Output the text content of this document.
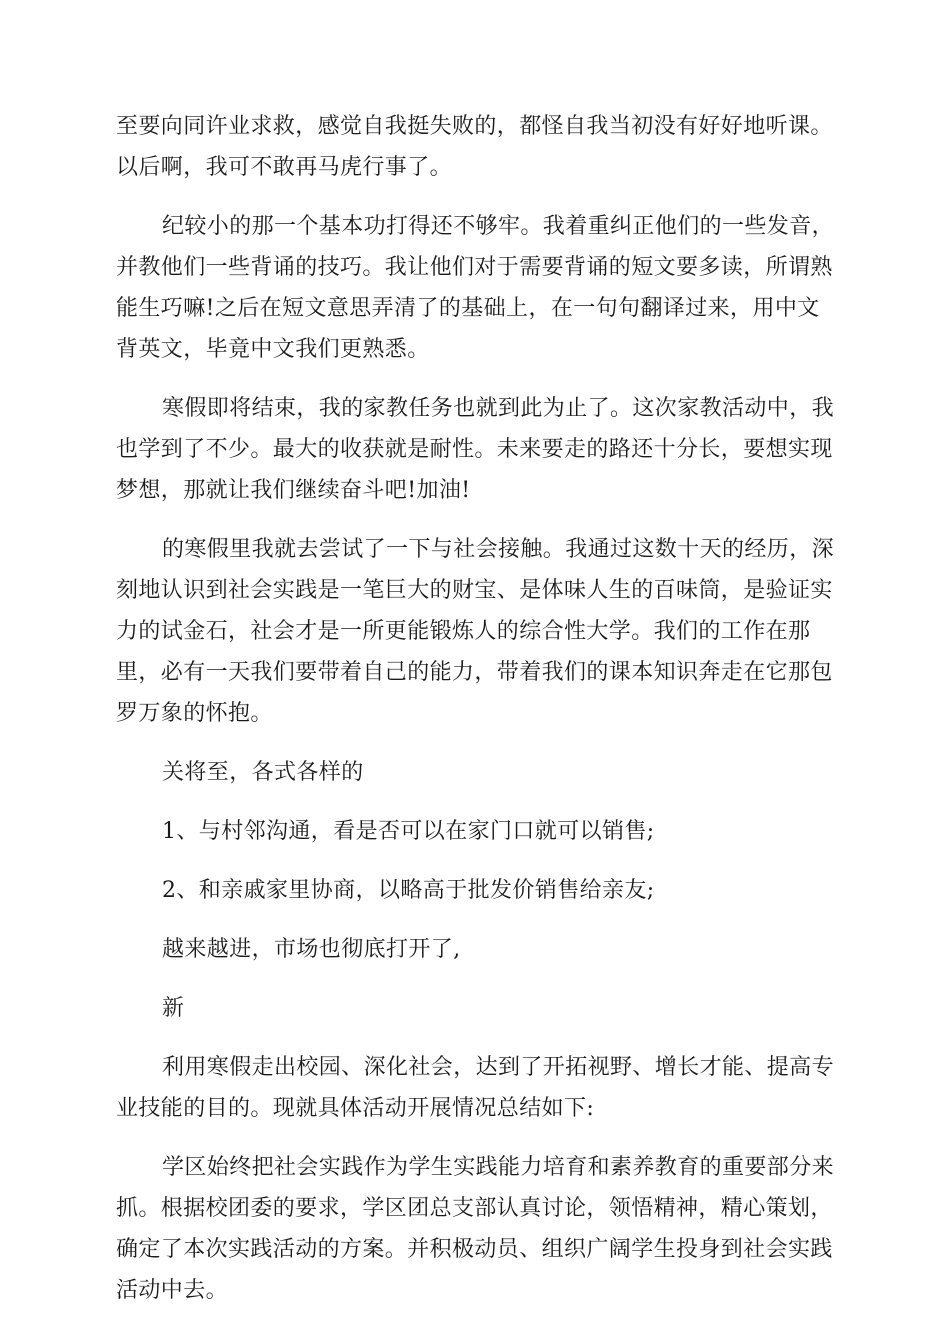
至要向同许业求救，感觉自我挺失败的，都怪自我当初没有好好地听课。以后啊，我可不敢再马虎行事了。

纪较小的那一个基本功打得还不够牢。我着重纠正他们的一些发音，并教他们一些背诵的技巧。我让他们对于需要背诵的短文要多读，所谓熟能生巧嘛!之后在短文意思弄清了的基础上，在一句句翻译过来，用中文背英文，毕竟中文我们更熟悉。

寒假即将结束，我的家教任务也就到此为止了。这次家教活动中，我也学到了不少。最大的收获就是耐性。未来要走的路还十分长，要想实现梦想，那就让我们继续奋斗吧!加油!

的寒假里我就去尝试了一下与社会接触。我通过这数十天的经历，深刻地认识到社会实践是一笔巨大的财宝、是体味人生的百味筒，是验证实力的试金石，社会才是一所更能锻炼人的综合性大学。我们的工作在那里，必有一天我们要带着自己的能力，带着我们的课本知识奔走在它那包罗万象的怀抱。

关将至，各式各样的

1、与村邻沟通，看是否可以在家门口就可以销售;

2、和亲戚家里协商，以略高于批发价销售给亲友;

越来越进，市场也彻底打开了,

新

利用寒假走出校园、深化社会，达到了开拓视野、增长才能、提高专业技能的目的。现就具体活动开展情况总结如下:

学区始终把社会实践作为学生实践能力培育和素养教育的重要部分来抓。根据校团委的要求，学区团总支部认真讨论，领悟精神，精心策划，确定了本次实践活动的方案。并积极动员、组织广阔学生投身到社会实践活动中去。
